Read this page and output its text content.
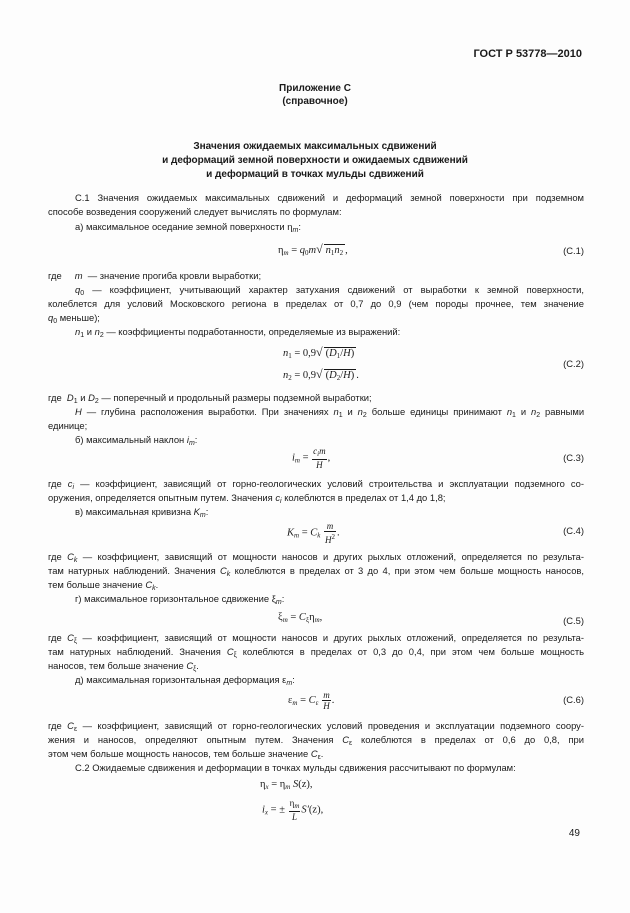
ГОСТ Р 53778—2010
Приложение С
(справочное)
Значения ожидаемых максимальных сдвижений
и деформаций земной поверхности и ожидаемых сдвижений
и деформаций в точках мульды сдвижений
С.1 Значения ожидаемых максимальных сдвижений и деформаций земной поверхности при подземном
способе возведения сооружений следует вычислять по формулам:
а) максимальное оседание земной поверхности $\eta_m$:
$\eta_m = q_0m√$ $n_1n_2$ ,	(С.1)
где m — значение прогиба кровли выработки;
$q_0$ — коэффициент, учитывающий характер затухания сдвижений от выработки к земной поверхности,
колеблется для условий Московского региона в пределах от 0,7 до 0,9 (чем породы прочнее, тем значение
$q_0$ меньше);
$n_1$ и $n_2$ — коэффициенты подработанности, определяемые из выражений:
$n_1 = 0,9√$ $(D_1/H)$
$n_2 = 0,9√$ $(D_2/H)$ .
(С.2)
где $D_1$ и $D_2$ — поперечный и продольный размеры подземной выработки;
H — глубина расположения выработки. При значениях $n_1$ и $n_2$ больше единицы принимают $n_1$ и $n_2$ равными
единице;
б) максимальный наклон $i_m$:
$i_m = \frac{c_im}{H}$ ,	(С.3)
где $c_i$ — коэффициент, зависящий от горно-геологических условий строительства и эксплуатации подземного со-
оружения, определяется опытным путем. Значения $c_i$ колеблются в пределах от 1,4 до 1,8;
в) максимальная кривизна $K_m$:
$K_m = C_k \frac{m}{H^2}$ .	(С.4)
где $C_k$ — коэффициент, зависящий от мощности наносов и других рыхлых отложений, определяется по результа-
там натурных наблюдений. Значения $C_k$ колеблются в пределах от 3 до 4, при этом чем больше мощность наносов,
тем больше значение $C_k$.
г) максимальное горизонтальное сдвижение $\xi_m$:
$\xi_m = C_\xi\eta_m$,	(С.5)
где $C_\xi$ — коэффициент, зависящий от мощности наносов и других рыхлых отложений, определяется по результа-
там натурных наблюдений. Значения $C_\xi$ колеблются в пределах от 0,3 до 0,4, при этом чем больше мощность
наносов, тем больше значение $C_\xi$.
д) максимальная горизонтальная деформация $\varepsilon_m$:
$\varepsilon_m = C_\varepsilon \frac{m}{H}$ .	(С.6)
где $C_\varepsilon$ — коэффициент, зависящий от горно-геологических условий проведения и эксплуатации подземного соору-
жения и наносов, определяют опытным путем. Значения $C_\varepsilon$ колеблются в пределах от 0,6 до 0,8, при
этом чем больше мощность наносов, тем больше значение $C_\varepsilon$.
С.2 Ожидаемые сдвижения и деформации в точках мульды сдвижения рассчитывают по формулам:
$\eta_x = \eta_m$ S(z),
$i_x$ = ± $\frac{\eta_m}{L} S'(z)$,
49
